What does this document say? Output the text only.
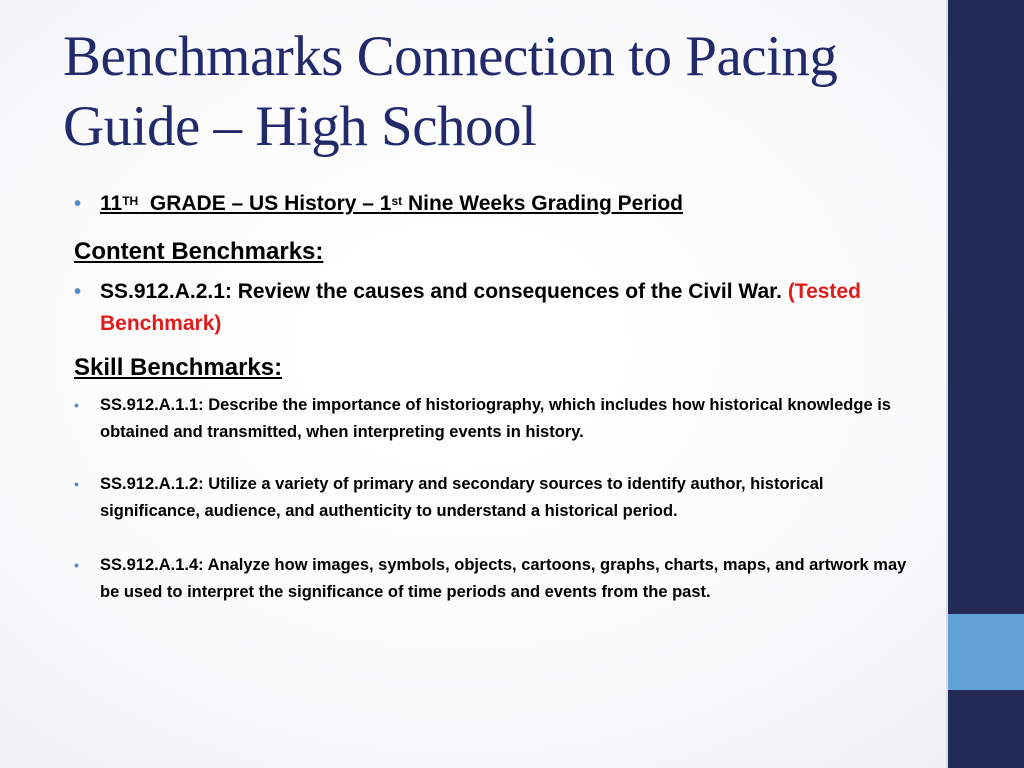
Benchmarks Connection to Pacing Guide – High School
• 11TH  GRADE – US History – 1st Nine Weeks Grading Period
Content Benchmarks:
• SS.912.A.2.1: Review the causes and consequences of the Civil War. (Tested Benchmark)
Skill Benchmarks:
• SS.912.A.1.1: Describe the importance of historiography, which includes how historical knowledge is obtained and transmitted, when interpreting events in history.
• SS.912.A.1.2: Utilize a variety of primary and secondary sources to identify author, historical significance, audience, and authenticity to understand a historical period.
• SS.912.A.1.4: Analyze how images, symbols, objects, cartoons, graphs, charts, maps, and artwork may be used to interpret the significance of time periods and events from the past.
